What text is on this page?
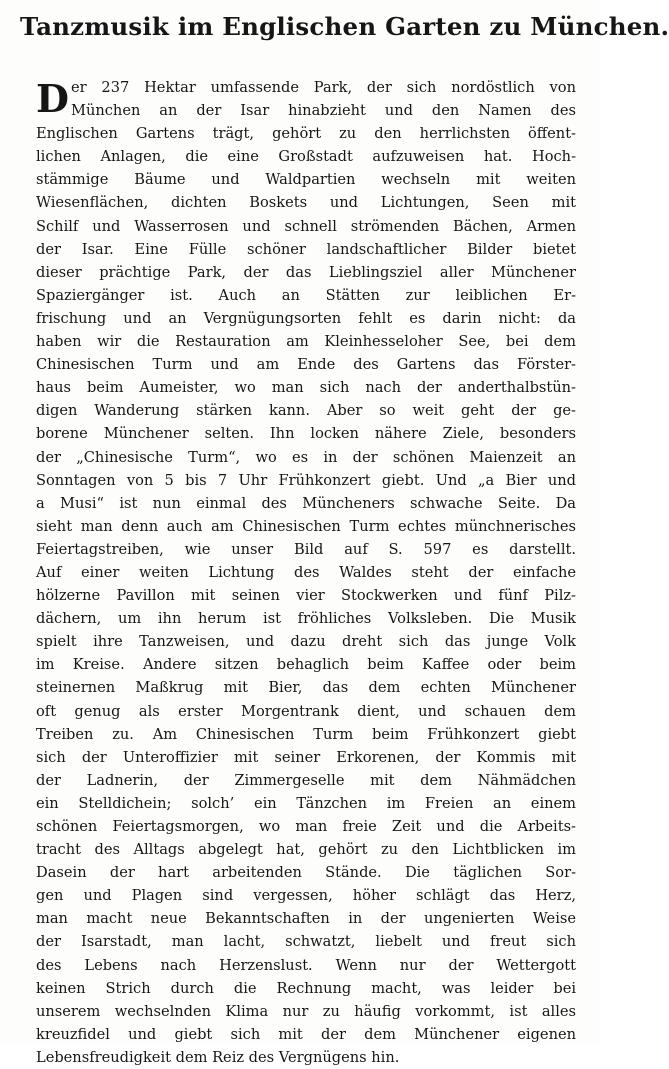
Tanzmusik im Englischen Garten zu München.
D er 237 Hektar umfassende Park, der sich nordöstlich von
München an der Isar hinabzieht und den Namen des
Englischen Gartens trägt, gehört zu den herrlichsten öffent-
lichen Anlagen, die eine Großstadt aufzuweisen hat. Hoch-
stämmige Bäume und Waldpartien wechseln mit weiten
Wiesenflächen, dichten Boskets und Lichtungen, Seen mit
Schilf und Wasserrosen und schnell strömenden Bächen, Armen
der Isar. Eine Fülle schöner landschaftlicher Bilder bietet
dieser prächtige Park, der das Lieblingsziel aller Münchener
Spaziergänger ist. Auch an Stätten zur leiblichen Er-
frischung und an Vergnügungsorten fehlt es darin nicht: da
haben wir die Restauration am Kleinhesseloher See, bei dem
Chinesischen Turm und am Ende des Gartens das Förster-
haus beim Aumeister, wo man sich nach der anderthalbstün-
digen Wanderung stärken kann. Aber so weit geht der ge-
borene Münchener selten. Ihn locken nähere Ziele, besonders
der „Chinesische Turm“, wo es in der schönen Maienzeit an
Sonntagen von 5 bis 7 Uhr Frühkonzert giebt. Und „a Bier und
a Musi“ ist nun einmal des Müncheners schwache Seite. Da
sieht man denn auch am Chinesischen Turm echtes münchnerisches
Feiertagstreiben, wie unser Bild auf S. 597 es darstellt.
Auf einer weiten Lichtung des Waldes steht der einfache
hölzerne Pavillon mit seinen vier Stockwerken und fünf Pilz-
dächern, um ihn herum ist fröhliches Volksleben. Die Musik
spielt ihre Tanzweisen, und dazu dreht sich das junge Volk
im Kreise. Andere sitzen behaglich beim Kaffee oder beim
steinernen Maßkrug mit Bier, das dem echten Münchener
oft genug als erster Morgentrank dient, und schauen dem
Treiben zu. Am Chinesischen Turm beim Frühkonzert giebt
sich der Unteroffizier mit seiner Erkorenen, der Kommis mit
der Ladnerin, der Zimmergeselle mit dem Nähmädchen
ein Stelldichein; solch’ ein Tänzchen im Freien an einem
schönen Feiertagsmorgen, wo man freie Zeit und die Arbeits-
tracht des Alltags abgelegt hat, gehört zu den Lichtblicken im
Dasein der hart arbeitenden Stände. Die täglichen Sor-
gen und Plagen sind vergessen, höher schlägt das Herz,
man macht neue Bekanntschaften in der ungenierten Weise
der Isarstadt, man lacht, schwatzt, liebelt und freut sich
des Lebens nach Herzenslust. Wenn nur der Wettergott
keinen Strich durch die Rechnung macht, was leider bei
unserem wechselnden Klima nur zu häufig vorkommt, ist alles
kreuzfidel und giebt sich mit der dem Münchener eigenen
Lebensfreudigkeit dem Reiz des Vergnügens hin.
